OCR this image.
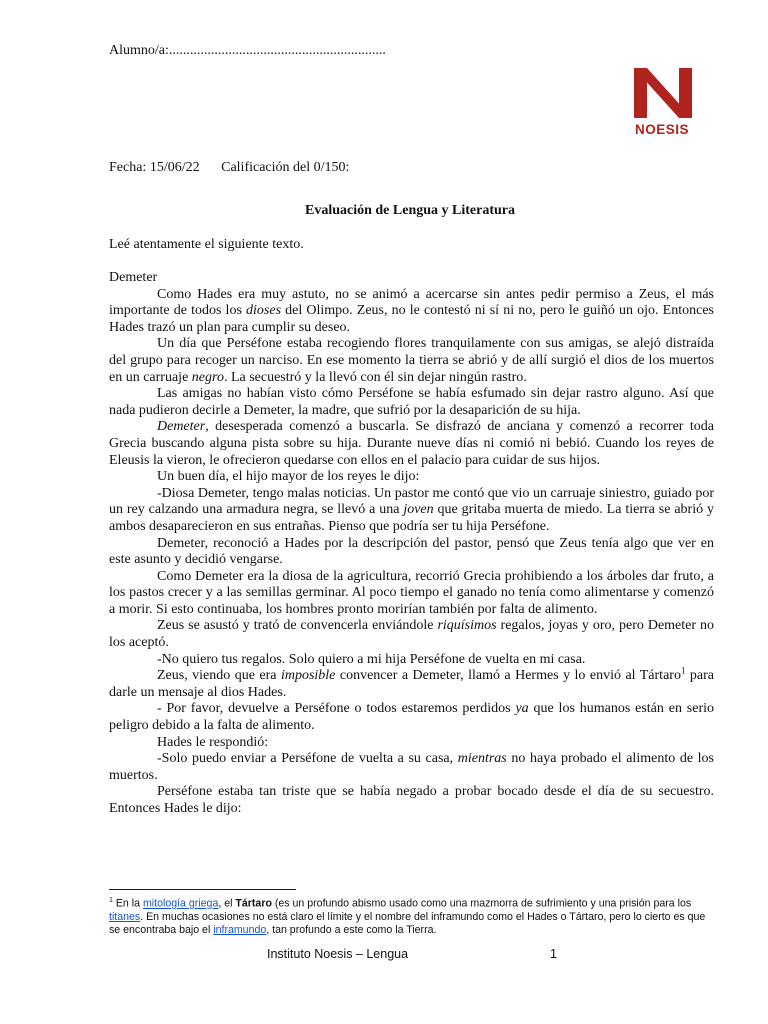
Alumno/a:..............................................................
NOESIS
Fecha: 15/06/22 Calificación del 0/150:
Evaluación de Lengua y Literatura
Leé atentamente el siguiente texto.

Demeter

Como Hades era muy astuto, no se animó a acercarse sin antes pedir permiso a Zeus, el más importante de todos los dioses del Olimpo. Zeus, no le contestó ni sí ni no, pero le guiñó un ojo. Entonces Hades trazó un plan para cumplir su deseo.

Un día que Perséfone estaba recogiendo flores tranquilamente con sus amigas, se alejó distraída del grupo para recoger un narciso. En ese momento la tierra se abrió y de allí surgió el dios de los muertos en un carruaje negro. La secuestró y la llevó con él sin dejar ningún rastro.

Las amigas no habían visto cómo Perséfone se había esfumado sin dejar rastro alguno. Así que nada pudieron decirle a Demeter, la madre, que sufrió por la desaparición de su hija.

Demeter, desesperada comenzó a buscarla. Se disfrazó de anciana y comenzó a recorrer toda Grecia buscando alguna pista sobre su hija. Durante nueve días ni comió ni bebió. Cuando los reyes de Eleusis la vieron, le ofrecieron quedarse con ellos en el palacio para cuidar de sus hijos.

Un buen día, el hijo mayor de los reyes le dijo:

-Diosa Demeter, tengo malas noticias. Un pastor me contó que vio un carruaje siniestro, guiado por un rey calzando una armadura negra, se llevó a una joven que gritaba muerta de miedo. La tierra se abrió y ambos desaparecieron en sus entrañas. Pienso que podría ser tu hija Perséfone.

Demeter, reconoció a Hades por la descripción del pastor, pensó que Zeus tenía algo que ver en este asunto y decidió vengarse.

Como Demeter era la diosa de la agricultura, recorrió Grecia prohibiendo a los árboles dar fruto, a los pastos crecer y a las semillas germinar. Al poco tiempo el ganado no tenía como alimentarse y comenzó a morir. Si esto continuaba, los hombres pronto morirían también por falta de alimento.

Zeus se asustó y trató de convencerla enviándole riquísimos regalos, joyas y oro, pero Demeter no los aceptó.

-No quiero tus regalos. Solo quiero a mi hija Perséfone de vuelta en mi casa.

Zeus, viendo que era imposible convencer a Demeter, llamó a Hermes y lo envió al Tártaro$^1$ para darle un mensaje al dios Hades.

- Por favor, devuelve a Perséfone o todos estaremos perdidos ya que los humanos están en serio peligro debido a la falta de alimento.

Hades le respondió:

-Solo puedo enviar a Perséfone de vuelta a su casa, mientras no haya probado el alimento de los muertos.

Perséfone estaba tan triste que se había negado a probar bocado desde el día de su secuestro. Entonces Hades le dijo:

$^1$ En la mitología griega, el Tártaro (es un profundo abismo usado como una mazmorra de sufrimiento y una prisión para los titanes. En muchas ocasiones no está claro el límite y el nombre del inframundo como el Hades o Tártaro, pero lo cierto es que se encontraba bajo el inframundo, tan profundo a este como la Tierra.
Instituto Noesis – Lengua	1
